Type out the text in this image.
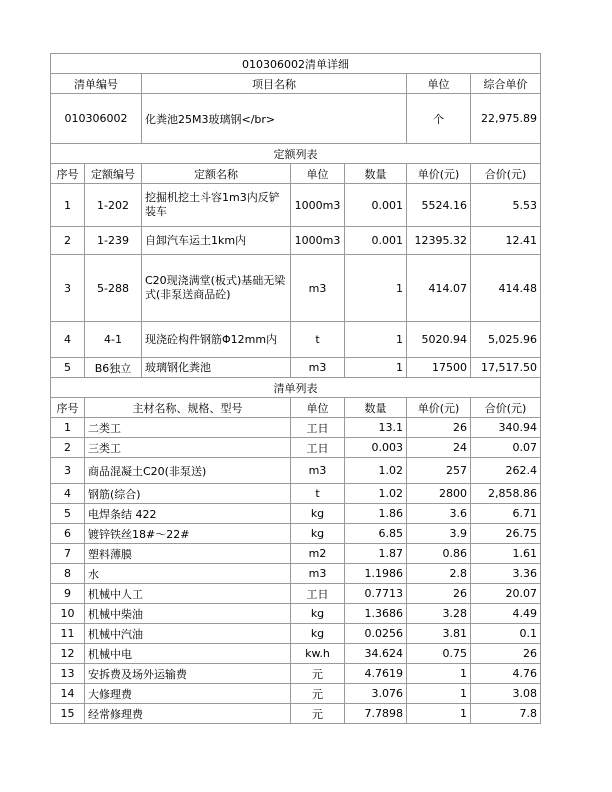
010306002清单详细						
清单编号		项目名称			单位	综合单价
010306002		化粪池25M3玻璃钢</br>			个	22,975.89
定额列表						
序号	定额编号	定额名称	单位	数量	单价(元)	合价(元)
1	1-202	挖掘机挖土斗容1m3内反铲装车	1000m3	0.001	5524.16	5.53
2	1-239	自卸汽车运土1km内	1000m3	0.001	12395.32	12.41
3	5-288	C20现浇满堂(板式)基础无梁式(非泵送商品砼)	m3	1	414.07	414.48
4	4-1	现浇砼构件钢筋Φ12mm内	t	1	5020.94	5,025.96
5	B6独立	玻璃钢化粪池	m3	1	17500	17,517.50
清单列表						
序号	主材名称、规格、型号		单位	数量	单价(元)	合价(元)
1	二类工		工日	13.1	26	340.94
2	三类工		工日	0.003	24	0.07
3	商品混凝土C20(非泵送)		m3	1.02	257	262.4
4	钢筋(综合)		t	1.02	2800	2,858.86
5	电焊条结 422		kg	1.86	3.6	6.71
6	镀锌铁丝18#～22#		kg	6.85	3.9	26.75
7	塑料薄膜		m2	1.87	0.86	1.61
8	水		m3	1.1986	2.8	3.36
9	机械中人工		工日	0.7713	26	20.07
10	机械中柴油		kg	1.3686	3.28	4.49
11	机械中汽油		kg	0.0256	3.81	0.1
12	机械中电		kw.h	34.624	0.75	26
13	安拆费及场外运输费		元	4.7619	1	4.76
14	大修理费		元	3.076	1	3.08
15	经常修理费		元	7.7898	1	7.8
